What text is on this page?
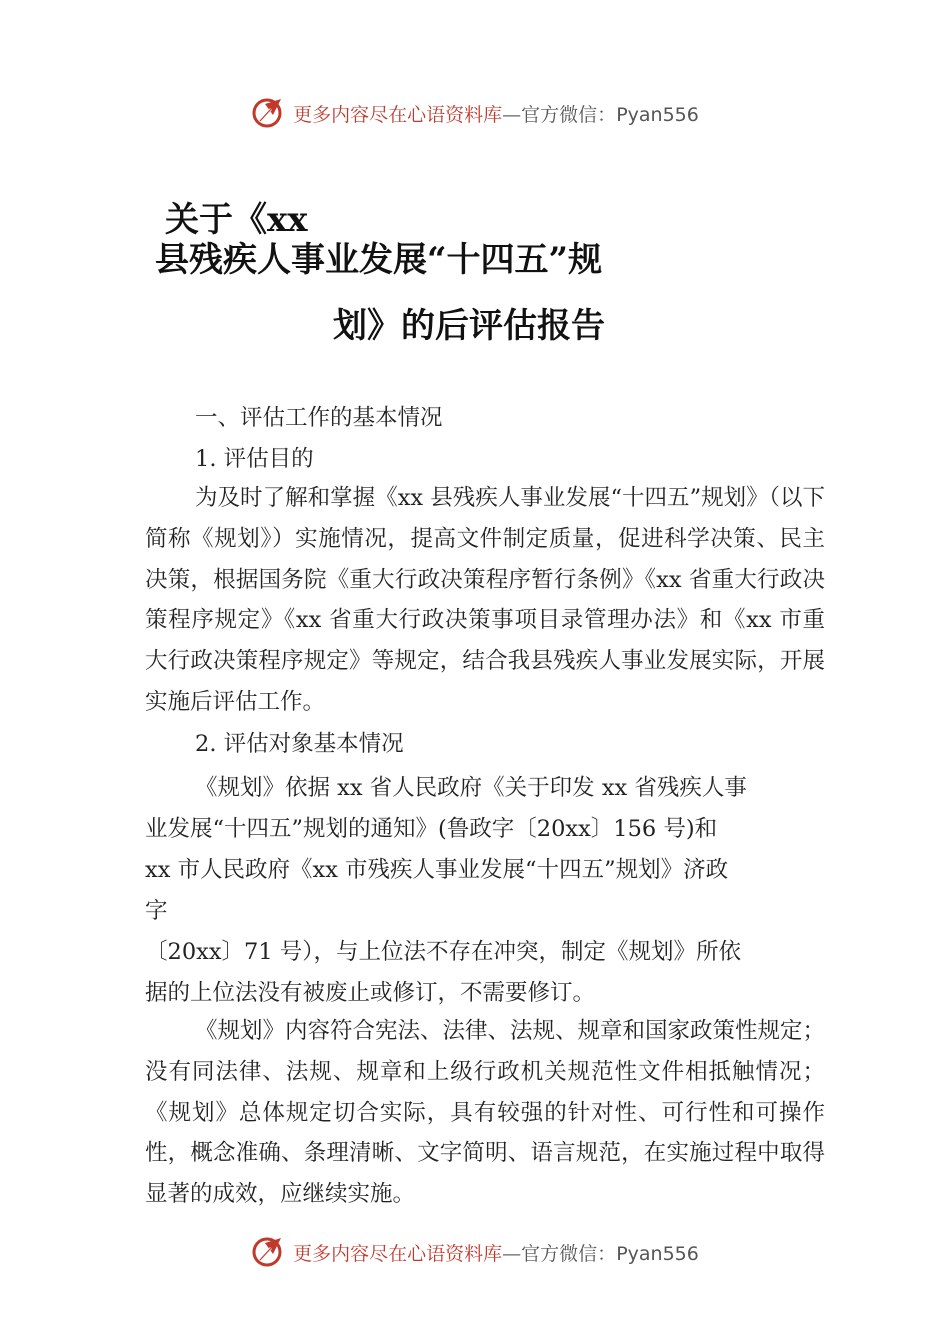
更多内容尽在心语资料库—官方微信：Pyan556
关于《xx
县残疾人事业发展“十四五”规
划》的后评估报告
一、评估工作的基本情况
1. 评估目的
为及时了解和掌握《xx 县残疾人事业发展“十四五”规划》（以下简称《规划》）实施情况，提高文件制定质量，促进科学决策、民主决策，根据国务院《重大行政决策程序暂行条例》《xx 省重大行政决策程序规定》《xx 省重大行政决策事项目录管理办法》和《xx 市重大行政决策程序规定》等规定，结合我县残疾人事业发展实际，开展实施后评估工作。
2. 评估对象基本情况
《规划》依据 xx 省人民政府《关于印发 xx 省残疾人事
业发展“十四五”规划的通知》(鲁政字〔20xx〕156 号)和
xx 市人民政府《xx 市残疾人事业发展“十四五”规划》济政
字
〔20xx〕71 号），与上位法不存在冲突，制定《规划》所依
据的上位法没有被废止或修订，不需要修订。
《规划》内容符合宪法、法律、法规、规章和国家政策性规定；没有同法律、法规、规章和上级行政机关规范性文件相抵触情况；《规划》总体规定切合实际，具有较强的针对性、可行性和可操作性，概念准确、条理清晰、文字简明、语言规范，在实施过程中取得显著的成效，应继续实施。
更多内容尽在心语资料库—官方微信：Pyan556
